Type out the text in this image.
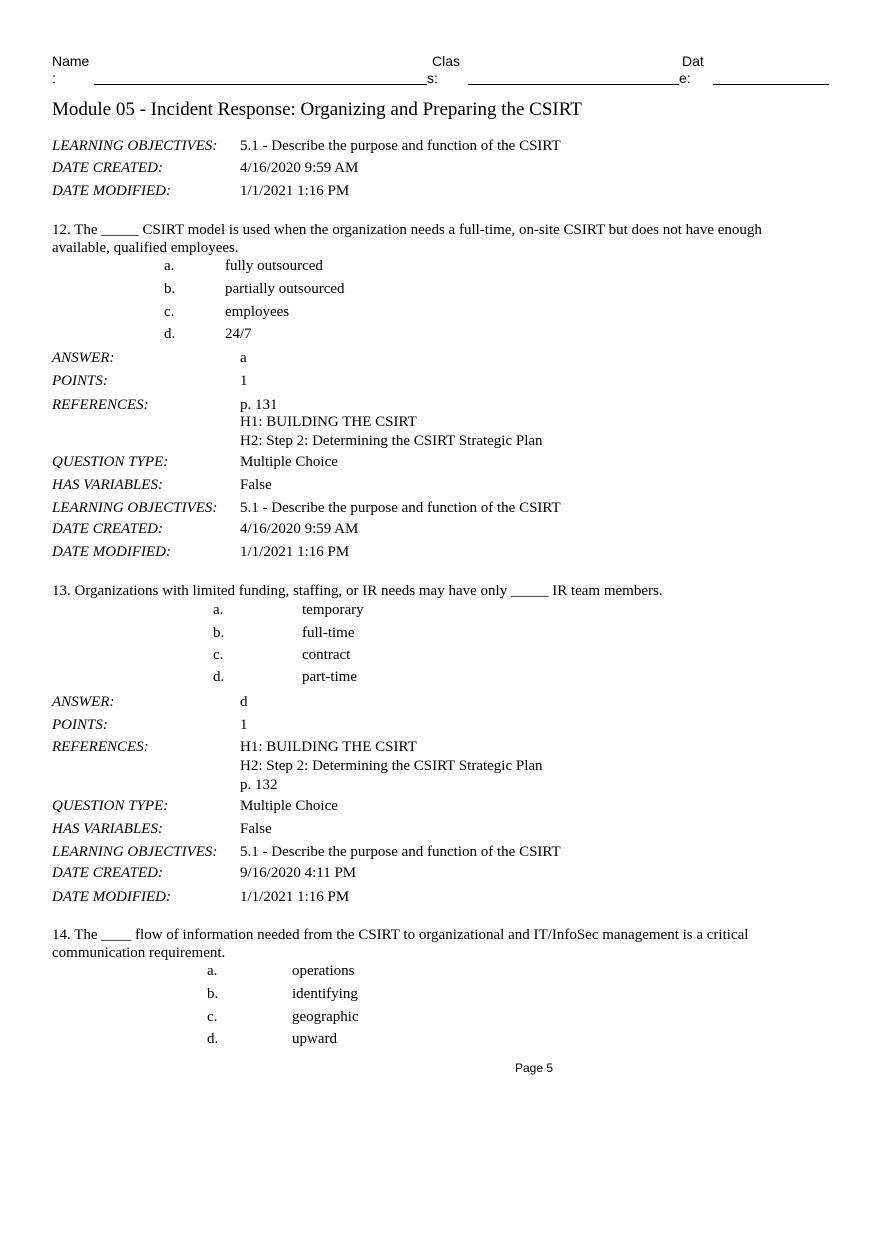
Name
:
Clas
s:
Dat
e:
Module 05 - Incident Response: Organizing and Preparing the CSIRT
LEARNING OBJECTIVES: 5.1 - Describe the purpose and function of the CSIRT
DATE CREATED:	4/16/2020 9:59 AM
DATE MODIFIED:	1/1/2021 1:16 PM
12. The _____ CSIRT model is used when the organization needs a full-time, on-site CSIRT but does not have enough available, qualified employees.
a.	fully outsourced
b.	partially outsourced
c.	employees
d.	24/7
ANSWER:	a
POINTS:	1
REFERENCES:	p. 131
H1: BUILDING THE CSIRT
H2: Step 2: Determining the CSIRT Strategic Plan
QUESTION TYPE:	Multiple Choice
HAS VARIABLES:	False
LEARNING OBJECTIVES: 5.1 - Describe the purpose and function of the CSIRT
DATE CREATED:	4/16/2020 9:59 AM
DATE MODIFIED:	1/1/2021 1:16 PM
13. Organizations with limited funding, staffing, or IR needs may have only _____ IR team members.
a.	temporary
b.	full-time
c.	contract
d.	part-time
ANSWER:	d
POINTS:	1
REFERENCES:	H1: BUILDING THE CSIRT
H2: Step 2: Determining the CSIRT Strategic Plan
p. 132
QUESTION TYPE:	Multiple Choice
HAS VARIABLES:	False
LEARNING OBJECTIVES: 5.1 - Describe the purpose and function of the CSIRT
DATE CREATED:	9/16/2020 4:11 PM
DATE MODIFIED:	1/1/2021 1:16 PM
14. The ____ flow of information needed from the CSIRT to organizational and IT/InfoSec management is a critical communication requirement.
a.	operations
b.	identifying
c.	geographic
d.	upward
Page 5
